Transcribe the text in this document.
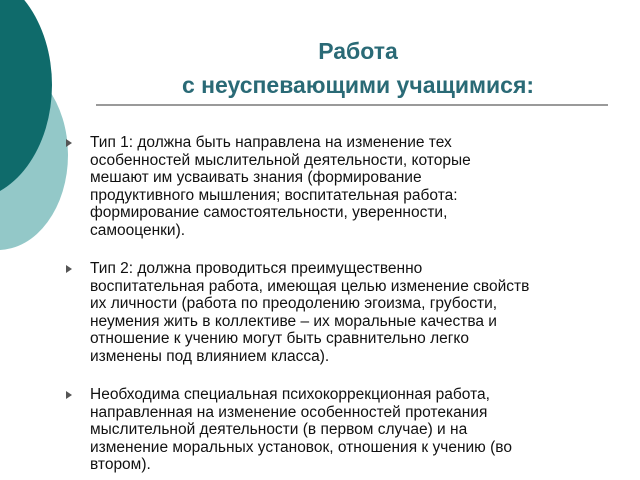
Работа
с неуспевающими учащимися:
Тип 1: должна быть направлена на изменение тех
особенностей мыслительной деятельности, которые
мешают им усваивать знания (формирование
продуктивного мышления; воспитательная работа:
формирование самостоятельности, уверенности,
самооценки).
Тип 2: должна проводиться преимущественно
воспитательная работа, имеющая целью изменение свойств
их личности (работа по преодолению эгоизма, грубости,
неумения жить в коллективе – их моральные качества и
отношение к учению могут быть сравнительно легко
изменены под влиянием класса).
Необходима специальная психокоррекционная работа,
направленная на изменение особенностей протекания
мыслительной деятельности (в первом случае) и на
изменение моральных установок, отношения к учению (во
втором).
